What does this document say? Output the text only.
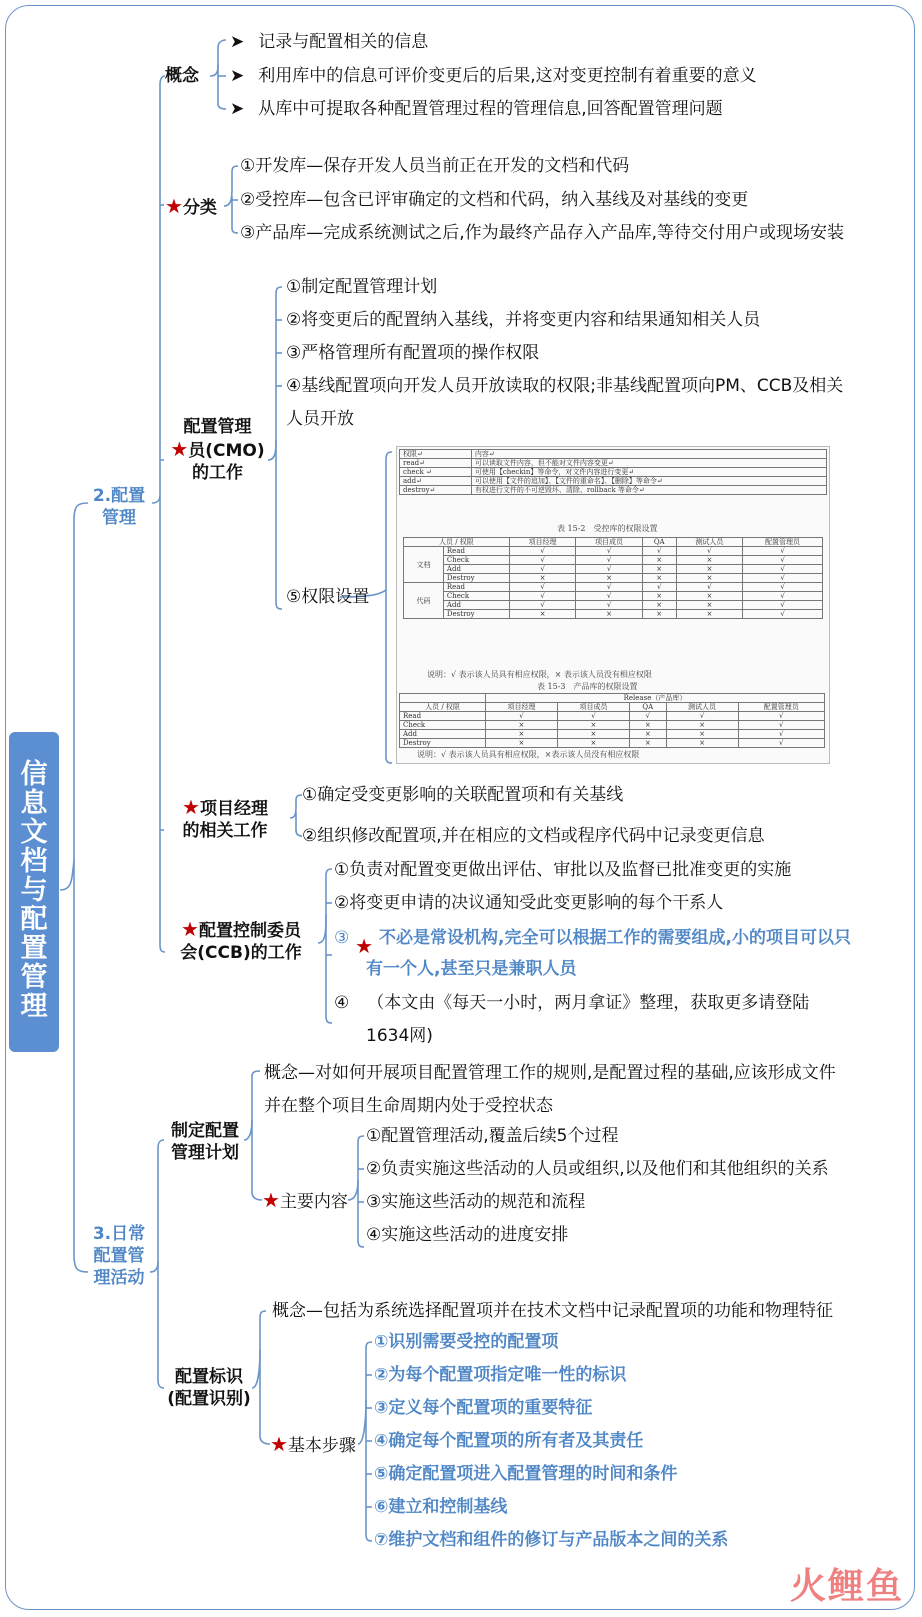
信息文档与配置管理
2.配置管理
概念
➤ 记录与配置相关的信息
➤ 利用库中的信息可评价变更后的后果,这对变更控制有着重要的意义
➤ 从库中可提取各种配置管理过程的管理信息,回答配置管理问题
★分类
①开发库—保存开发人员当前正在开发的文档和代码
②受控库—包含已评审确定的文档和代码，纳入基线及对基线的变更
③产品库—完成系统测试之后,作为最终产品存入产品库,等待交付用户或现场安装
配置管理
★员(CMO)
的工作
①制定配置管理计划
②将变更后的配置纳入基线，并将变更内容和结果通知相关人员
③严格管理所有配置项的操作权限
④基线配置项向开发人员开放读取的权限;非基线配置项向PM、CCB及相关
人员开放
⑤权限设置
权限↵	内容↵
read↵	可以读取文件内容，但不能对文件内容变更↵
check ↵	可使用【checkin】等命令，对文件内容进行变更↵
add↵	可以使用【文件的追加】、【文件的重命名】、【删除】等命令↵
destroy↵	有权进行文件的不可逆毁坏、清除、rollback 等命令↵
表 15-2　受控库的权限设置
人员 / 权限		项目经理	项目成员	QA	测试人员	配置管理员
文档	Read	√	√	√	√	√
	Check	√	√	×	×	√
	Add	√	√	×	×	√
	Destroy	×	×	×	×	√
代码	Read	√	√	√	√	√
	Check	√	√	×	×	√
	Add	√	√	×	×	√
	Destroy	×	×	×	×	√
说明：√ 表示该人员具有相应权限，× 表示该人员没有相应权限
表 15-3　产品库的权限设置
	Release（产品库）				
人员 / 权限	项目经理	项目成员	QA	测试人员	配置管理员
Read	√	√	√	√	√
Check	×	×	×	×	√
Add	×	×	×	×	√
Destroy	×	×	×	×	√
说明：√ 表示该人员具有相应权限，×表示该人员没有相应权限
★项目经理
的相关工作
①确定受变更影响的关联配置项和有关基线
②组织修改配置项,并在相应的文档或程序代码中记录变更信息
★配置控制委员
会(CCB)的工作
①负责对配置变更做出评估、审批以及监督已批准变更的实施
②将变更申请的决议通知受此变更影响的每个干系人
③ ★ 不必是常设机构,完全可以根据工作的需要组成,小的项目可以只
有一个人,甚至只是兼职人员
④ （本文由《每天一小时，两月拿证》整理，获取更多请登陆
1634网)
3.日常
配置管
理活动
制定配置
管理计划
概念—对如何开展项目配置管理工作的规则,是配置过程的基础,应该形成文件
并在整个项目生命周期内处于受控状态
★主要内容
①配置管理活动,覆盖后续5个过程
②负责实施这些活动的人员或组织,以及他们和其他组织的关系
③实施这些活动的规范和流程
④实施这些活动的进度安排
配置标识
(配置识别)
概念—包括为系统选择配置项并在技术文档中记录配置项的功能和物理特征
★基本步骤
①识别需要受控的配置项
②为每个配置项指定唯一性的标识
③定义每个配置项的重要特征
④确定每个配置项的所有者及其责任
⑤确定配置项进入配置管理的时间和条件
⑥建立和控制基线
⑦维护文档和组件的修订与产品版本之间的关系
火鲤鱼
